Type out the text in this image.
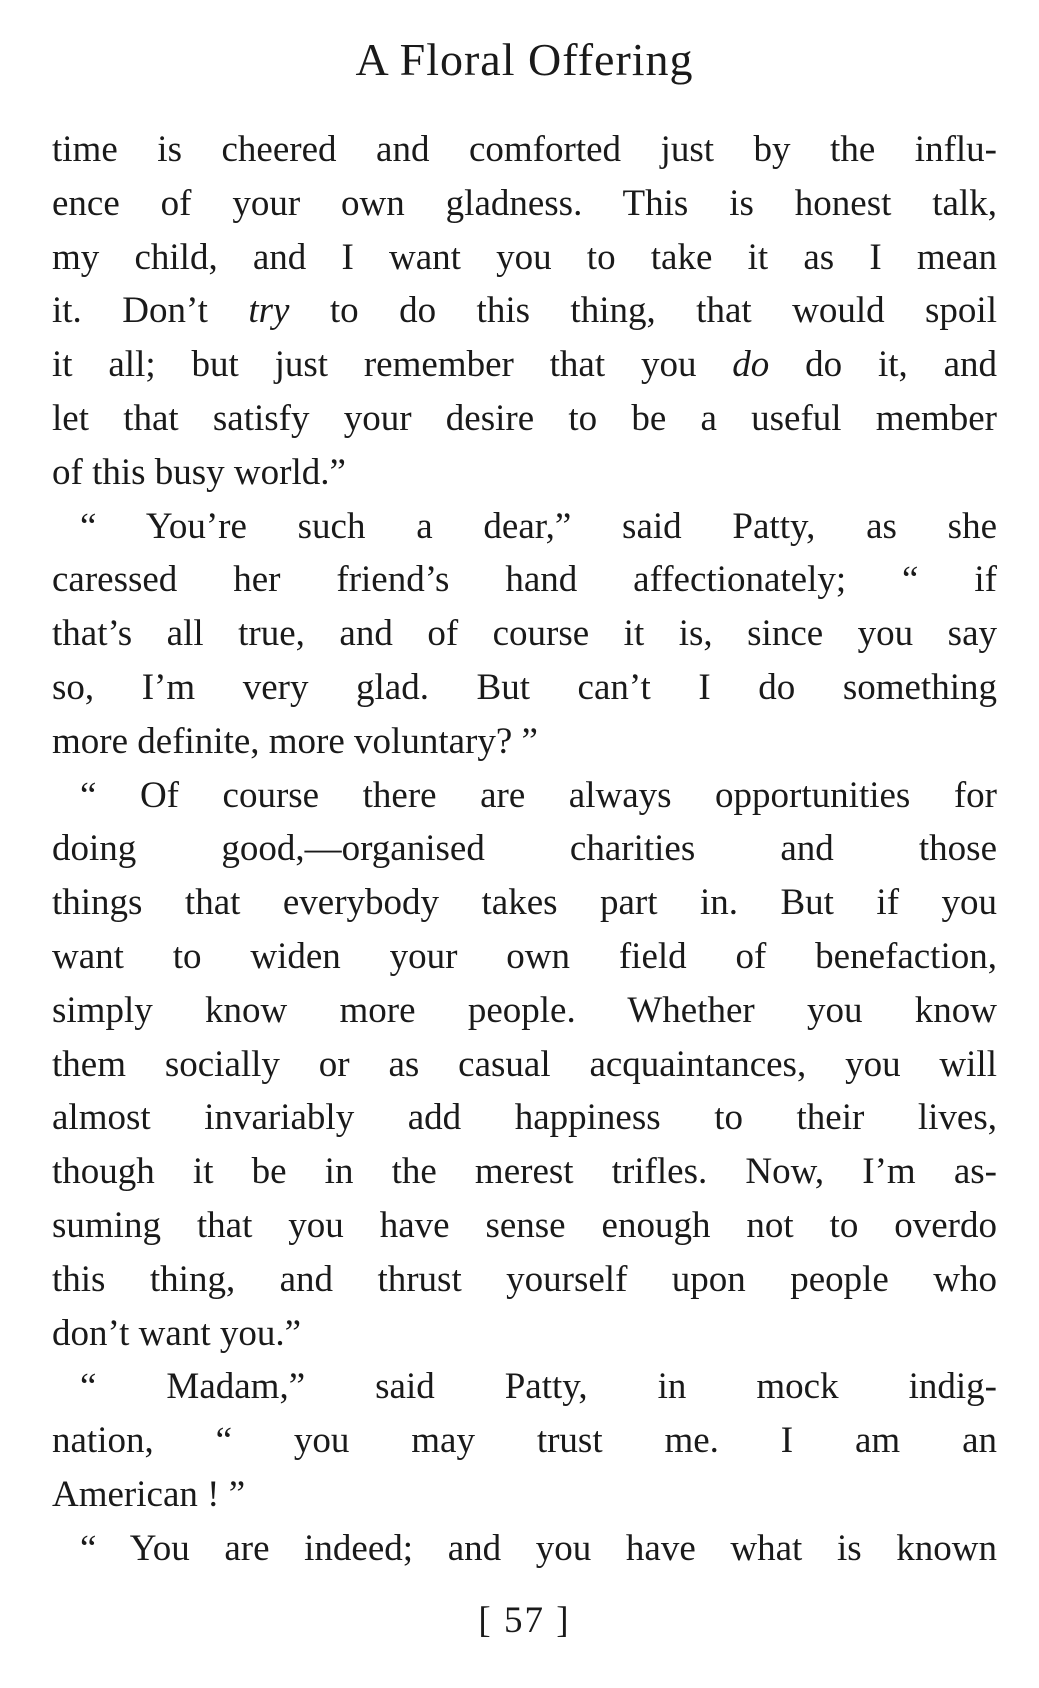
A Floral Offering
time is cheered and comforted just by the influ-
ence of your own gladness. This is honest talk,
my child, and I want you to take it as I mean
it. Don’t try to do this thing, that would spoil
it all; but just remember that you do do it, and
let that satisfy your desire to be a useful member
of this busy world.”
“ You’re such a dear,” said Patty, as she
caressed her friend’s hand affectionately; “ if
that’s all true, and of course it is, since you say
so, I’m very glad. But can’t I do something
more definite, more voluntary? ”
“ Of course there are always opportunities for
doing good,—organised charities and those
things that everybody takes part in. But if you
want to widen your own field of benefaction,
simply know more people. Whether you know
them socially or as casual acquaintances, you will
almost invariably add happiness to their lives,
though it be in the merest trifles. Now, I’m as-
suming that you have sense enough not to overdo
this thing, and thrust yourself upon people who
don’t want you.”
“ Madam,” said Patty, in mock indig-
nation, “ you may trust me. I am an
American ! ”
“ You are indeed; and you have what is known
[ 57 ]
